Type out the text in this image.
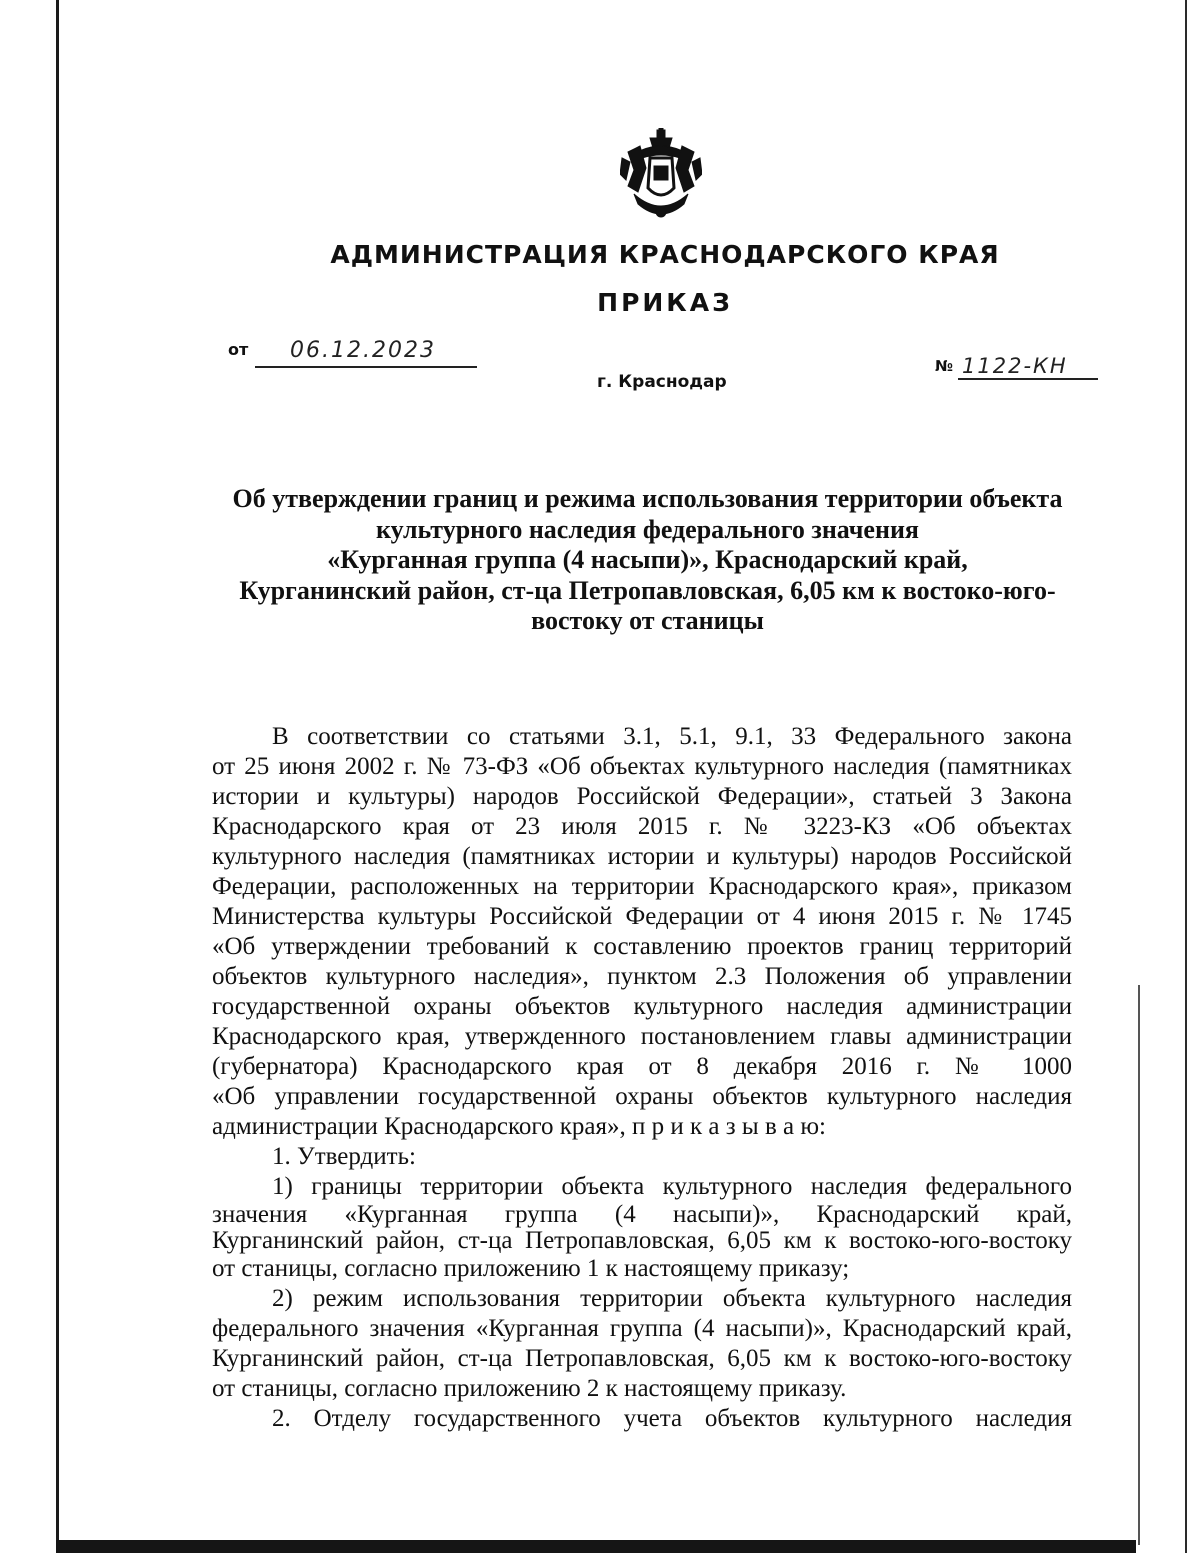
АДМИНИСТРАЦИЯ КРАСНОДАРСКОГО КРАЯ
ПРИКАЗ
от 06.12.2023
г. Краснодар
№ 1122-КН
Об утверждении границ и режима использования территории объекта
культурного наследия федерального значения
«Курганная группа (4 насыпи)», Краснодарский край,
Курганинский район, ст-ца Петропавловская, 6,05 км к востоко-юго-
востоку от станицы
В соответствии со статьями 3.1, 5.1, 9.1, 33 Федерального закона
от 25 июня 2002 г. № 73-ФЗ «Об объектах культурного наследия (памятниках
истории и культуры) народов Российской Федерации», статьей 3 Закона
Краснодарского края от 23 июля 2015 г. № 3223-КЗ «Об объектах
культурного наследия (памятниках истории и культуры) народов Российской
Федерации, расположенных на территории Краснодарского края», приказом
Министерства культуры Российской Федерации от 4 июня 2015 г. № 1745
«Об утверждении требований к составлению проектов границ территорий
объектов культурного наследия», пунктом 2.3 Положения об управлении
государственной охраны объектов культурного наследия администрации
Краснодарского края, утвержденного постановлением главы администрации
(губернатора) Краснодарского края от 8 декабря 2016 г. № 1000
«Об управлении государственной охраны объектов культурного наследия
администрации Краснодарского края», п р и к а з ы в а ю:
1. Утвердить:
1) границы территории объекта культурного наследия федерального
значения «Курганная группа (4 насыпи)», Краснодарский край,
Курганинский район, ст-ца Петропавловская, 6,05 км к востоко-юго-востоку
от станицы, согласно приложению 1 к настоящему приказу;
2) режим использования территории объекта культурного наследия
федерального значения «Курганная группа (4 насыпи)», Краснодарский край,
Курганинский район, ст-ца Петропавловская, 6,05 км к востоко-юго-востоку
от станицы, согласно приложению 2 к настоящему приказу.
2. Отделу государственного учета объектов культурного наследия
